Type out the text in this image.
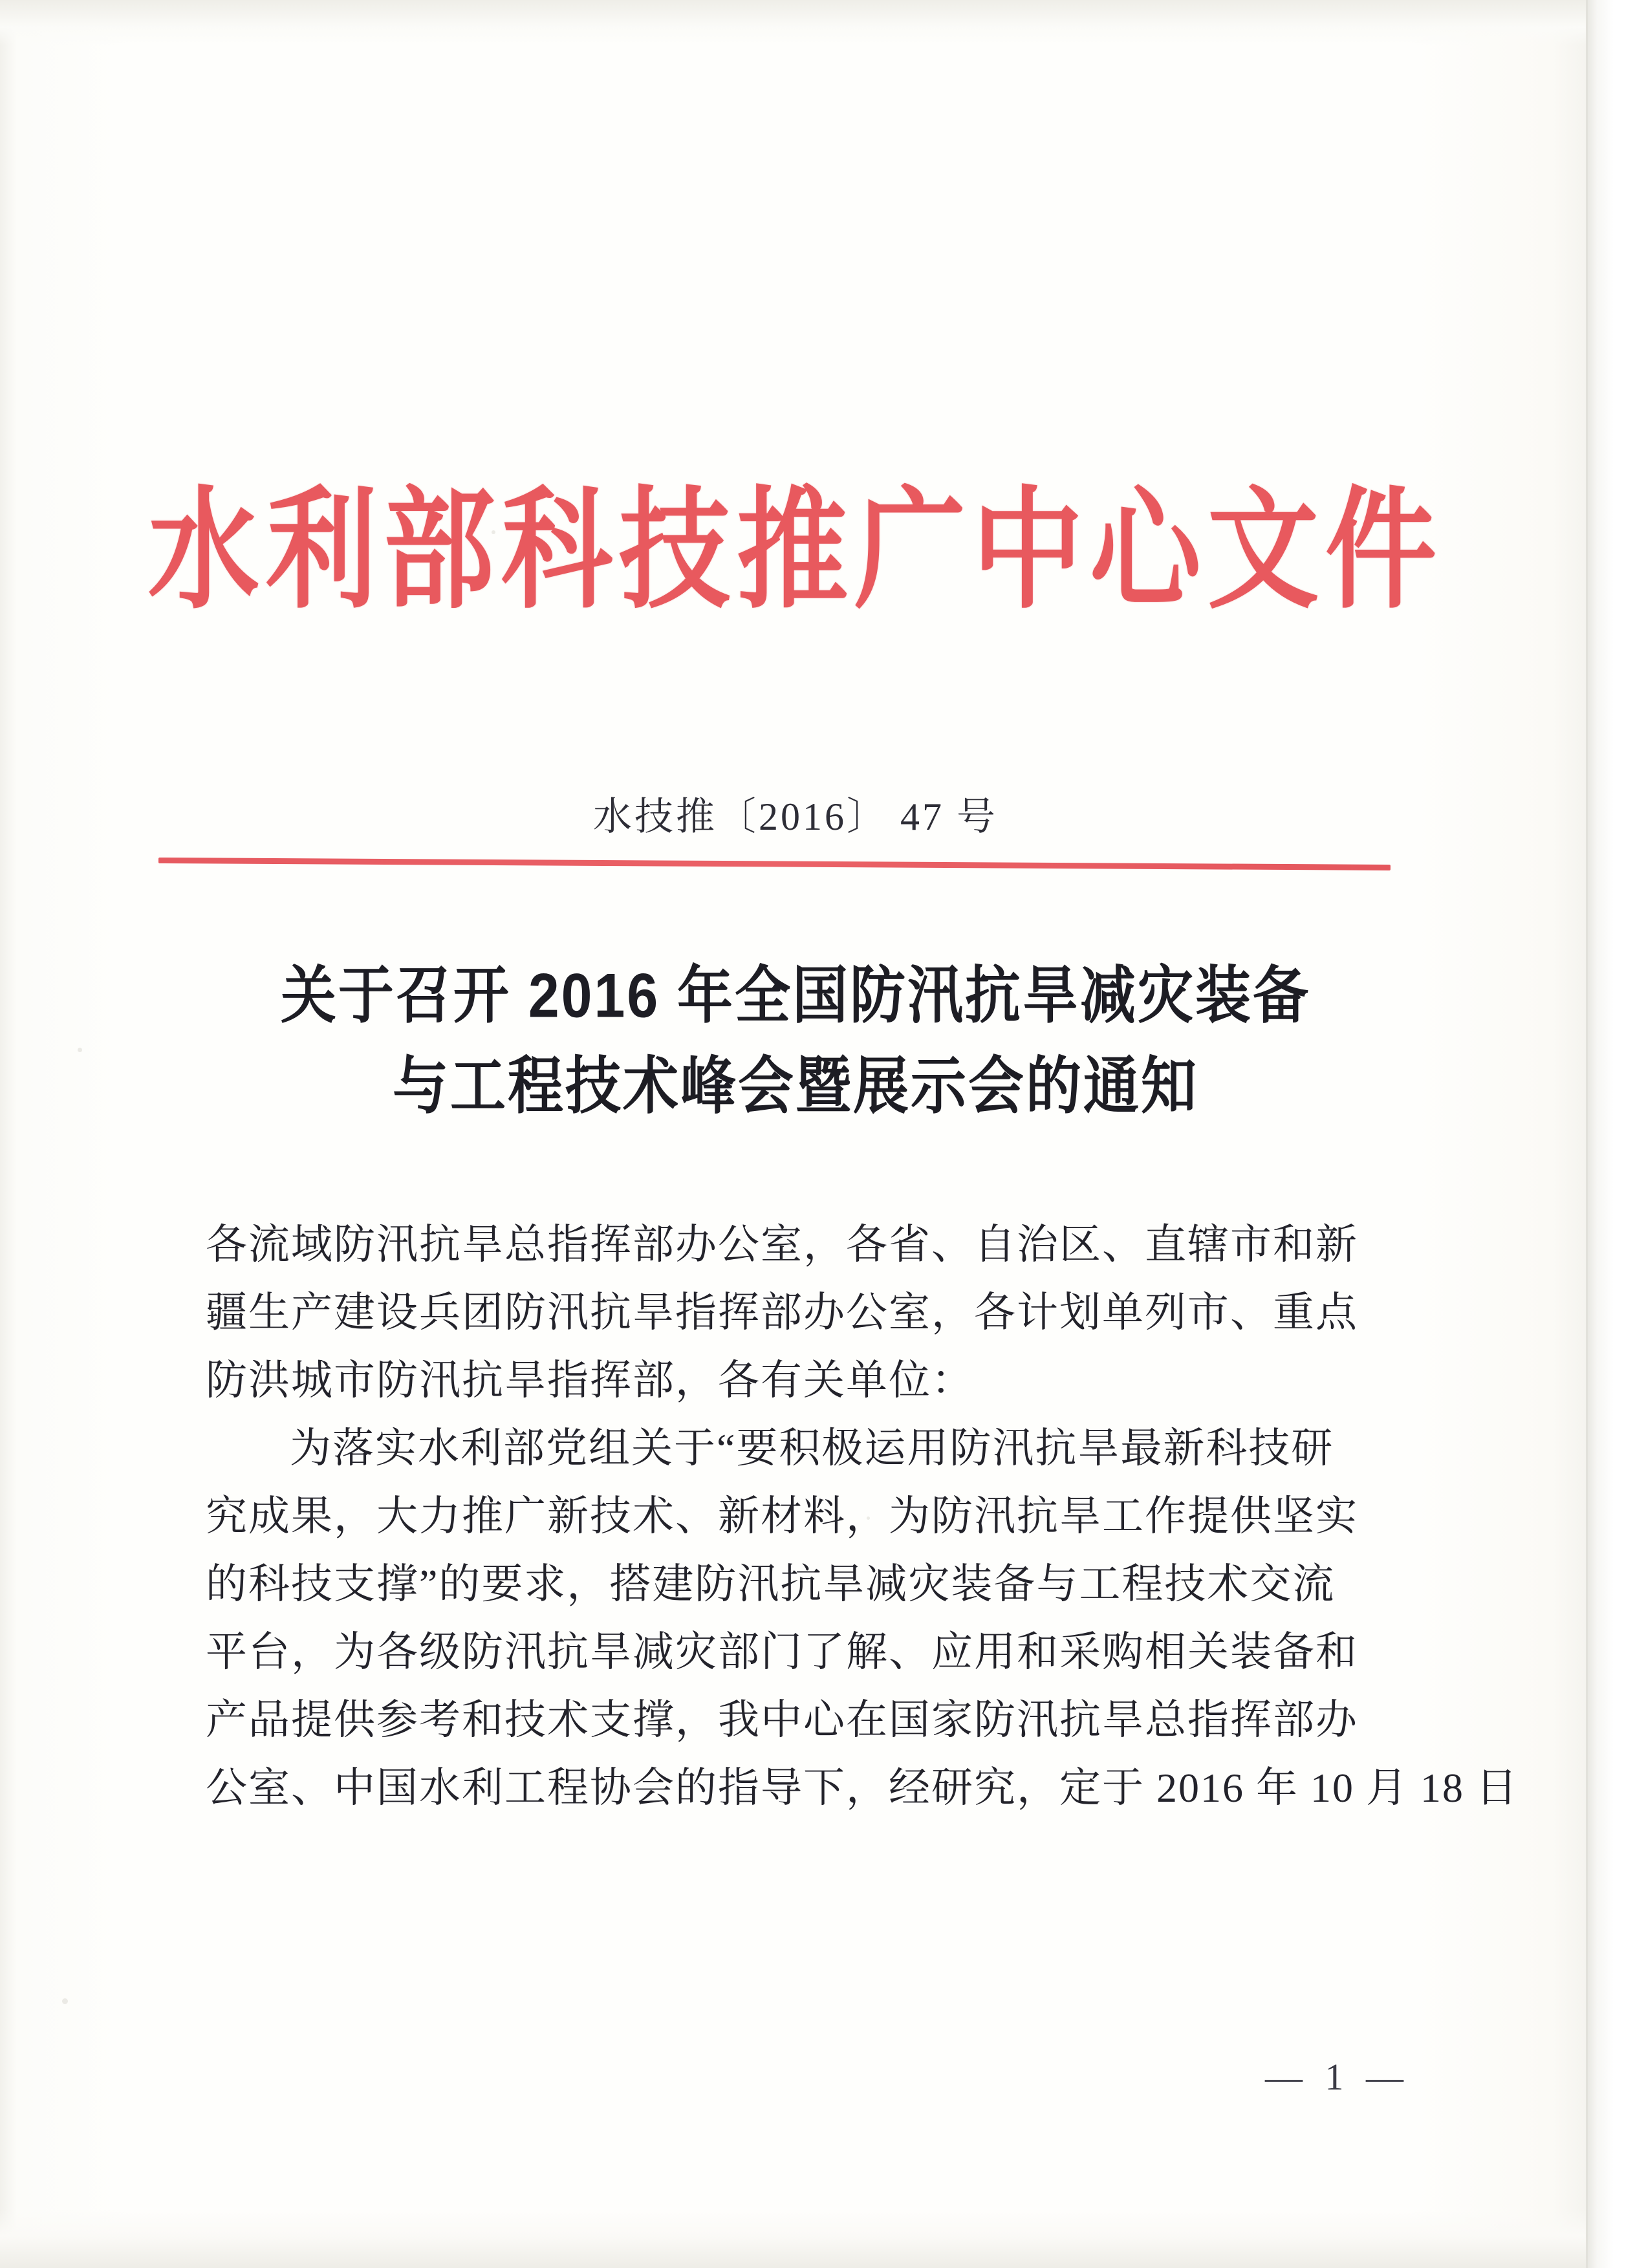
水利部科技推广中心文件
水技推〔2016〕 47 号
关于召开 2016 年全国防汛抗旱减灾装备
与工程技术峰会暨展示会的通知
各流域防汛抗旱总指挥部办公室，各省、自治区、直辖市和新
疆生产建设兵团防汛抗旱指挥部办公室，各计划单列市、重点
防洪城市防汛抗旱指挥部，各有关单位：
为落实水利部党组关于“要积极运用防汛抗旱最新科技研
究成果，大力推广新技术、新材料，为防汛抗旱工作提供坚实
的科技支撑”的要求，搭建防汛抗旱减灾装备与工程技术交流
平台，为各级防汛抗旱减灾部门了解、应用和采购相关装备和
产品提供参考和技术支撑，我中心在国家防汛抗旱总指挥部办
公室、中国水利工程协会的指导下，经研究，定于 2016 年 10 月 18 日
— 1 —
